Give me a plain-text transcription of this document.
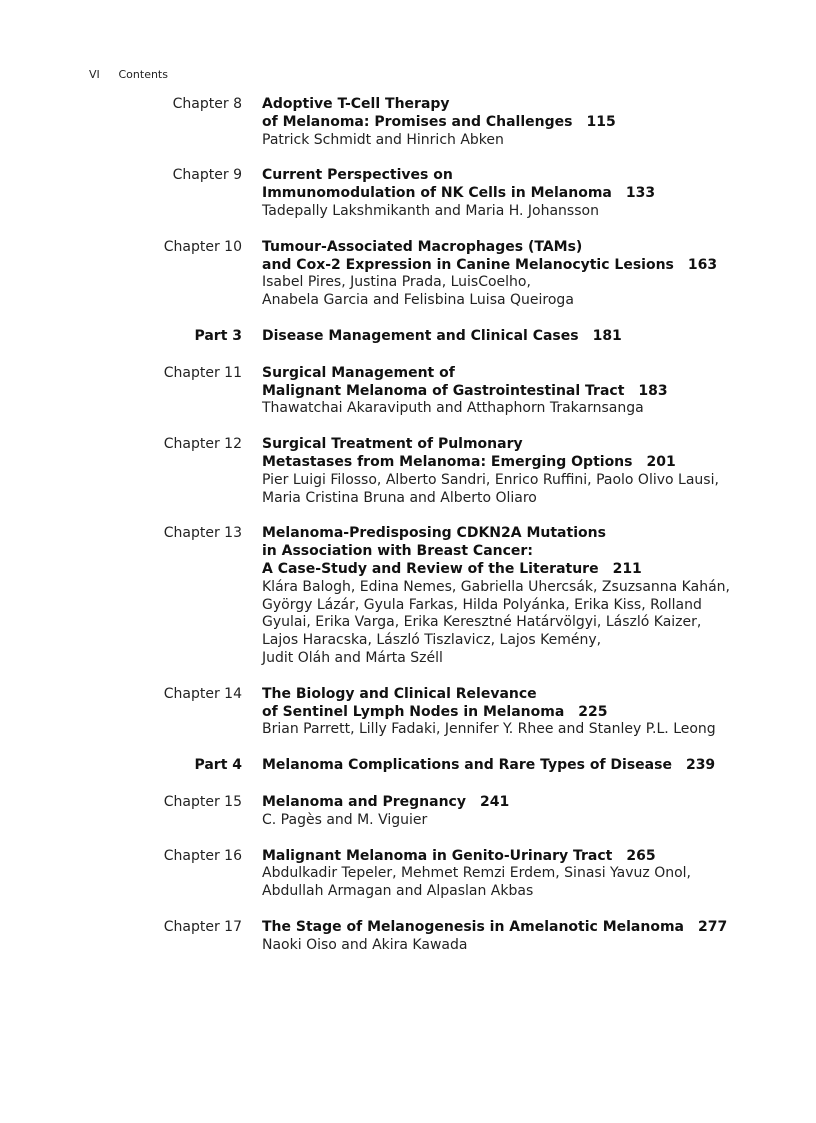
VI Contents
Chapter 8 Adoptive T-Cell Therapy
of Melanoma: Promises and Challenges 115
Patrick Schmidt and Hinrich Abken
Chapter 9 Current Perspectives on
Immunomodulation of NK Cells in Melanoma 133
Tadepally Lakshmikanth and Maria H. Johansson
Chapter 10 Tumour-Associated Macrophages (TAMs)
and Cox-2 Expression in Canine Melanocytic Lesions 163
Isabel Pires, Justina Prada, LuisCoelho,
Anabela Garcia and Felisbina Luisa Queiroga
Part 3 Disease Management and Clinical Cases 181
Chapter 11 Surgical Management of
Malignant Melanoma of Gastrointestinal Tract 183
Thawatchai Akaraviputh and Atthaphorn Trakarnsanga
Chapter 12 Surgical Treatment of Pulmonary
Metastases from Melanoma: Emerging Options 201
Pier Luigi Filosso, Alberto Sandri, Enrico Ruffini, Paolo Olivo Lausi,
Maria Cristina Bruna and Alberto Oliaro
Chapter 13 Melanoma-Predisposing CDKN2A Mutations
in Association with Breast Cancer:
A Case-Study and Review of the Literature 211
Klára Balogh, Edina Nemes, Gabriella Uhercsák, Zsuzsanna Kahán,
György Lázár, Gyula Farkas, Hilda Polyánka, Erika Kiss, Rolland
Gyulai, Erika Varga, Erika Keresztné Határvölgyi, László Kaizer,
Lajos Haracska, László Tiszlavicz, Lajos Kemény,
Judit Oláh and Márta Széll
Chapter 14 The Biology and Clinical Relevance
of Sentinel Lymph Nodes in Melanoma 225
Brian Parrett, Lilly Fadaki, Jennifer Y. Rhee and Stanley P.L. Leong
Part 4 Melanoma Complications and Rare Types of Disease 239
Chapter 15 Melanoma and Pregnancy 241
C. Pagès and M. Viguier
Chapter 16 Malignant Melanoma in Genito-Urinary Tract 265
Abdulkadir Tepeler, Mehmet Remzi Erdem, Sinasi Yavuz Onol,
Abdullah Armagan and Alpaslan Akbas
Chapter 17 The Stage of Melanogenesis in Amelanotic Melanoma 277
Naoki Oiso and Akira Kawada
